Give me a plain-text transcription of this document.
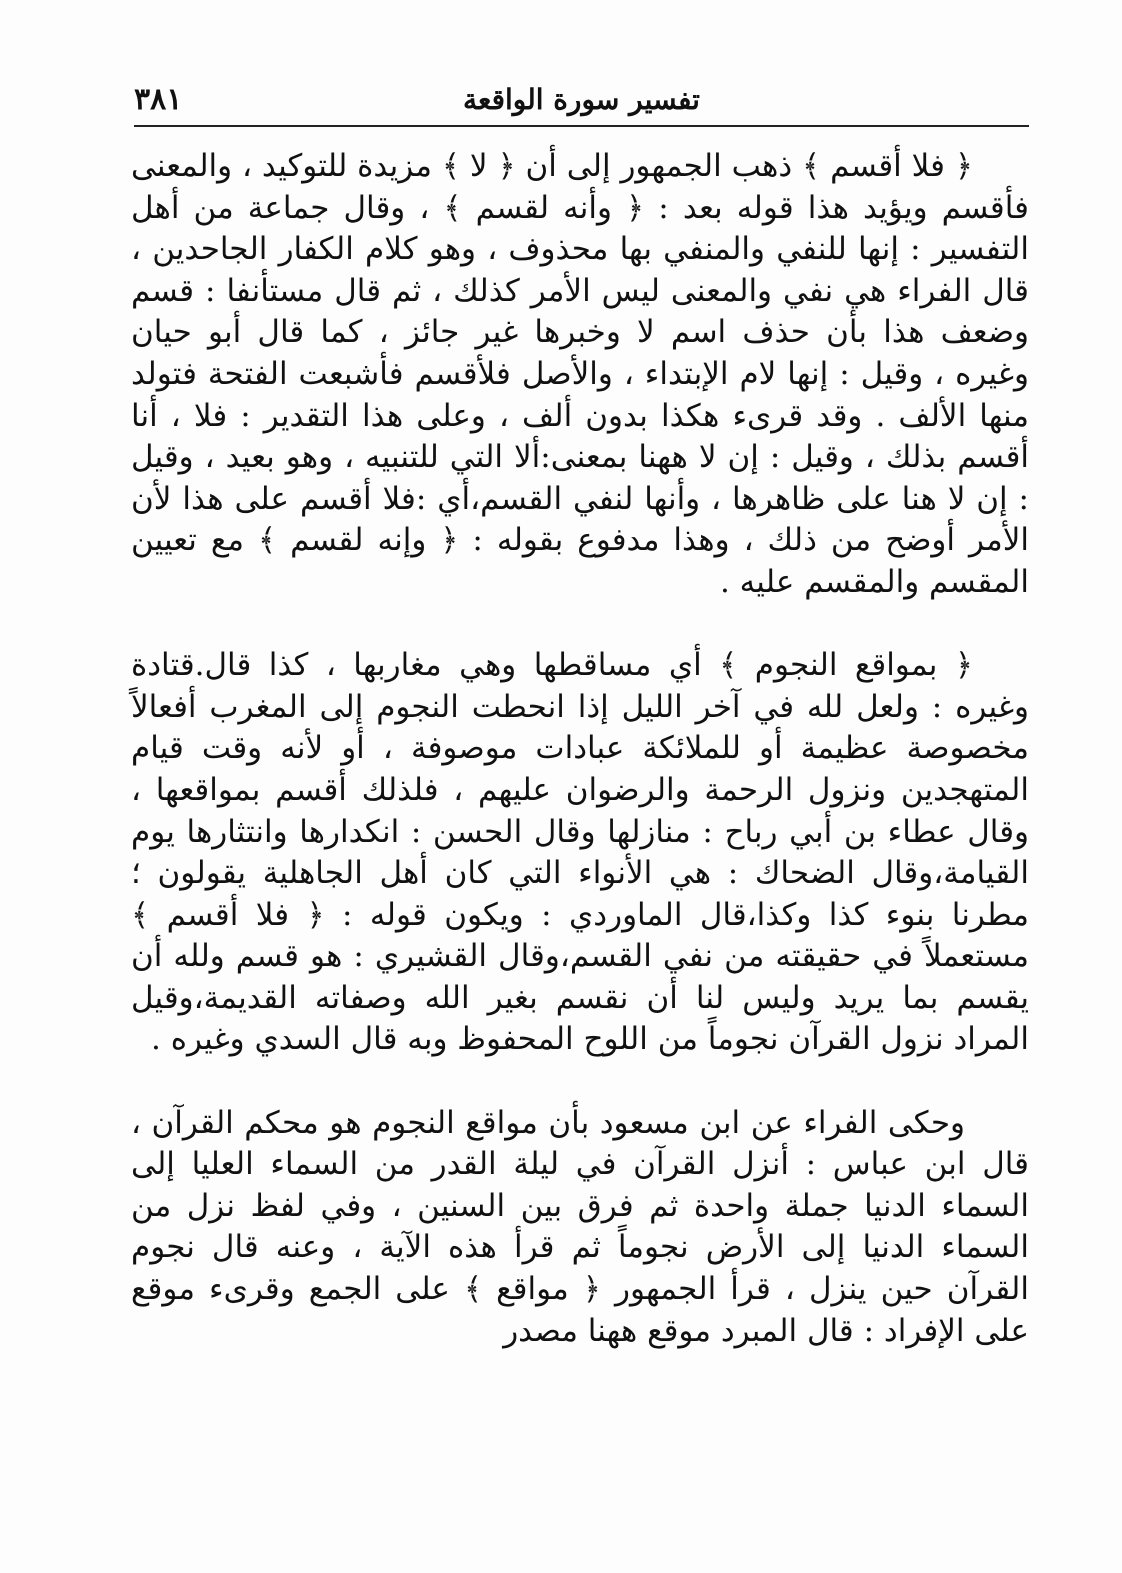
تفسير سورة الواقعة
٣٨١

﴿ فلا أقسم ﴾ ذهب الجمهور إلى أن ﴿ لا ﴾ مزيدة للتوكيد ، والمعنى فأقسم ويؤيد هذا قوله بعد : ﴿ وأنه لقسم ﴾ ، وقال جماعة من أهل التفسير : إنها للنفي والمنفي بها محذوف ، وهو كلام الكفار الجاحدين ، قال الفراء هي نفي والمعنى ليس الأمر كذلك ، ثم قال مستأنفا : قسم وضعف هذا بأن حذف اسم لا وخبرها غير جائز ، كما قال أبو حيان وغيره ، وقيل : إنها لام الإبتداء ، والأصل فلأقسم فأشبعت الفتحة فتولد منها الألف . وقد قرىء هكذا بدون ألف ، وعلى هذا التقدير : فلا ، أنا أقسم بذلك ، وقيل : إن لا ههنا بمعنى:ألا التي للتنبيه ، وهو بعيد ، وقيل : إن لا هنا على ظاهرها ، وأنها لنفي القسم،أي :فلا أقسم على هذا لأن الأمر أوضح من ذلك ، وهذا مدفوع بقوله : ﴿ وإنه لقسم ﴾ مع تعيين المقسم والمقسم عليه .

﴿ بمواقع النجوم ﴾ أي مساقطها وهي مغاربها ، كذا قال.قتادة وغيره : ولعل لله في آخر الليل إذا انحطت النجوم إلى المغرب أفعالاً مخصوصة عظيمة أو للملائكة عبادات موصوفة ، أو لأنه وقت قيام المتهجدين ونزول الرحمة والرضوان عليهم ، فلذلك أقسم بمواقعها ، وقال عطاء بن أبي رباح : منازلها وقال الحسن : انكدارها وانتثارها يوم القيامة،وقال الضحاك : هي الأنواء التي كان أهل الجاهلية يقولون ؛ مطرنا بنوء كذا وكذا،قال الماوردي : ويكون قوله : ﴿ فلا أقسم ﴾ مستعملاً في حقيقته من نفي القسم،وقال القشيري : هو قسم ولله أن يقسم بما يريد وليس لنا أن نقسم بغير الله وصفاته القديمة،وقيل المراد نزول القرآن نجوماً من اللوح المحفوظ وبه قال السدي وغيره .

وحكى الفراء عن ابن مسعود بأن مواقع النجوم هو محكم القرآن ، قال ابن عباس : أنزل القرآن في ليلة القدر من السماء العليا إلى السماء الدنيا جملة واحدة ثم فرق بين السنين ، وفي لفظ نزل من السماء الدنيا إلى الأرض نجوماً ثم قرأ هذه الآية ، وعنه قال نجوم القرآن حين ينزل ، قرأ الجمهور ﴿ مواقع ﴾ على الجمع وقرىء موقع على الإفراد : قال المبرد موقع ههنا مصدر
